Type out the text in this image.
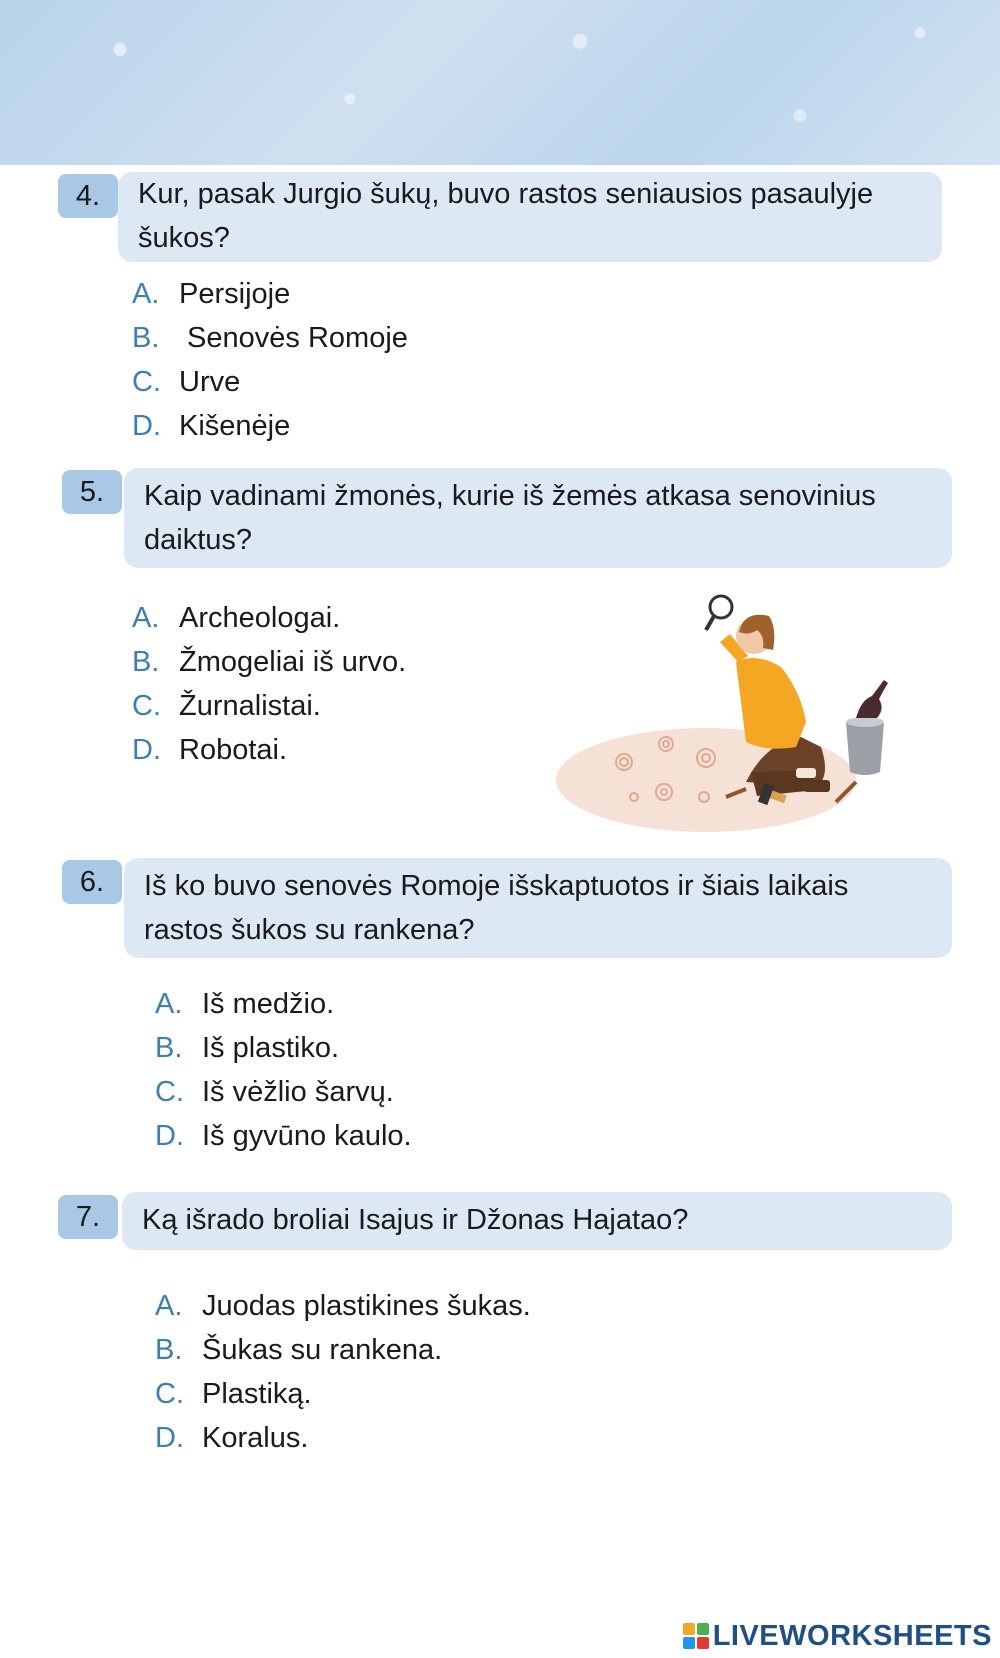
4.	Kur, pasak Jurgio šukų, buvo rastos seniausios pasaulyje šukos?
A. Persijoje
B. Senovės Romoje
C. Urve
D. Kišenėje
5.	Kaip vadinami žmonės, kurie iš žemės atkasa senovinius daiktus?
A. Archeologai.
B. Žmogeliai iš urvo.
C. Žurnalistai.
D. Robotai.
6.	Iš ko buvo senovės Romoje išskaptuotos ir šiais laikais rastos šukos su rankena?
A. Iš medžio.
B. Iš plastiko.
C. Iš vėžlio šarvų.
D. Iš gyvūno kaulo.
7.	Ką išrado broliai Isajus ir Džonas Hajatao?
A. Juodas plastikines šukas.
B. Šukas su rankena.
C. Plastiką.
D. Koralus.
LIVEWORKSHEETS
